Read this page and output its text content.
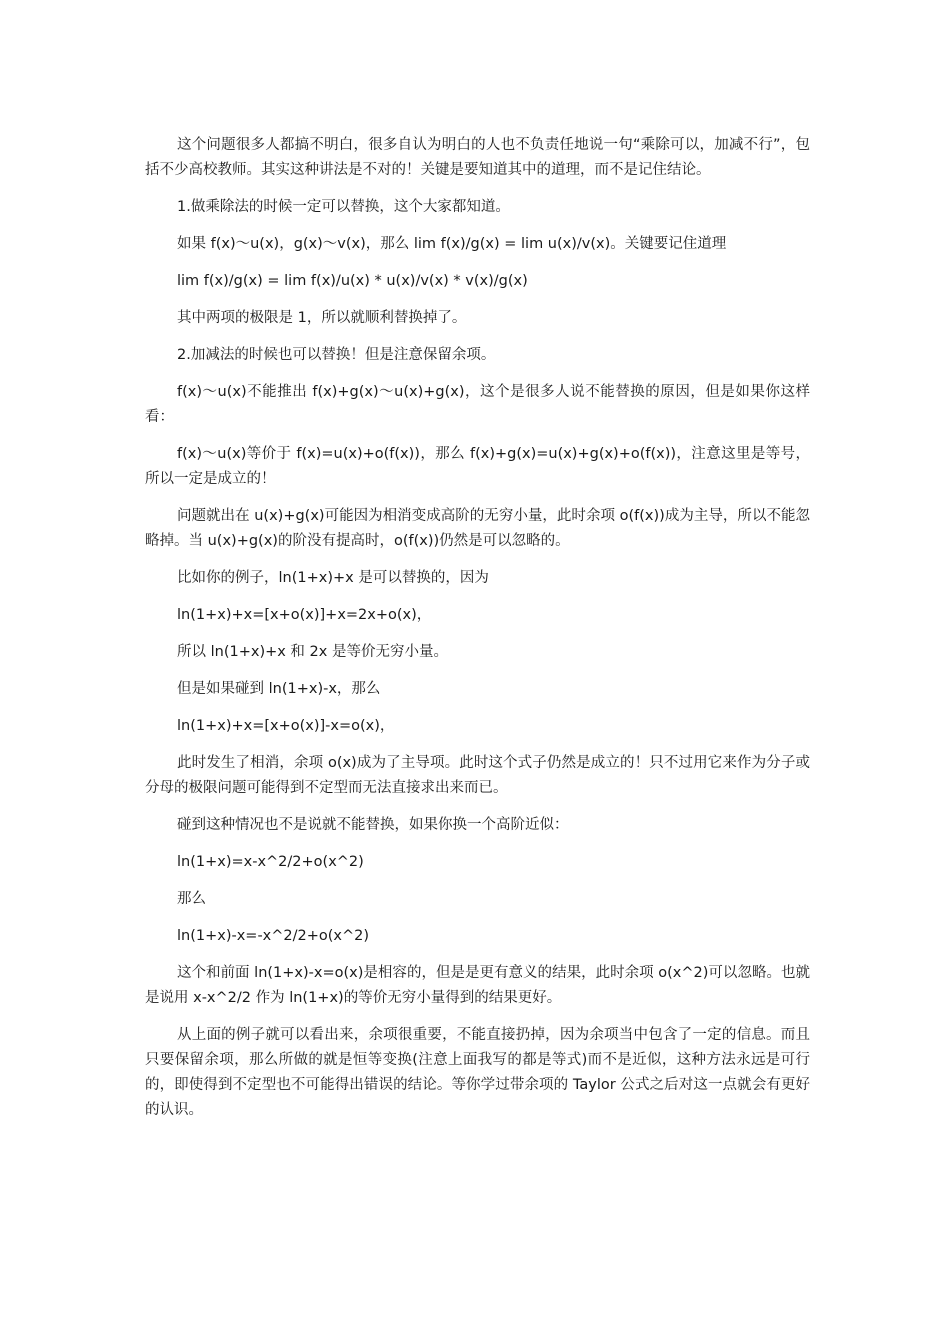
这个问题很多人都搞不明白，很多自认为明白的人也不负责任地说一句“乘除可以，加减不行”，包括不少高校教师。其实这种讲法是不对的！关键是要知道其中的道理，而不是记住结论。

1.做乘除法的时候一定可以替换，这个大家都知道。

如果 f(x)～u(x)，g(x)～v(x)，那么 lim f(x)/g(x) = lim u(x)/v(x)。关键要记住道理

lim f(x)/g(x) = lim f(x)/u(x) * u(x)/v(x) * v(x)/g(x)

其中两项的极限是 1，所以就顺利替换掉了。

2.加减法的时候也可以替换！但是注意保留余项。

f(x)～u(x)不能推出 f(x)+g(x)～u(x)+g(x)，这个是很多人说不能替换的原因，但是如果你这样看：

f(x)～u(x)等价于 f(x)=u(x)+o(f(x))，那么 f(x)+g(x)=u(x)+g(x)+o(f(x))，注意这里是等号，所以一定是成立的！

问题就出在 u(x)+g(x)可能因为相消变成高阶的无穷小量，此时余项 o(f(x))成为主导，所以不能忽略掉。当 u(x)+g(x)的阶没有提高时，o(f(x))仍然是可以忽略的。

比如你的例子，ln(1+x)+x 是可以替换的，因为

ln(1+x)+x=[x+o(x)]+x=2x+o(x)，

所以 ln(1+x)+x 和 2x 是等价无穷小量。

但是如果碰到 ln(1+x)-x，那么

ln(1+x)+x=[x+o(x)]-x=o(x)，

此时发生了相消，余项 o(x)成为了主导项。此时这个式子仍然是成立的！只不过用它来作为分子或分母的极限问题可能得到不定型而无法直接求出来而已。

碰到这种情况也不是说就不能替换，如果你换一个高阶近似：

ln(1+x)=x-x^2/2+o(x^2)

那么

ln(1+x)-x=-x^2/2+o(x^2)

这个和前面 ln(1+x)-x=o(x)是相容的，但是是更有意义的结果，此时余项 o(x^2)可以忽略。也就是说用 x-x^2/2 作为 ln(1+x)的等价无穷小量得到的结果更好。

从上面的例子就可以看出来，余项很重要，不能直接扔掉，因为余项当中包含了一定的信息。而且只要保留余项，那么所做的就是恒等变换(注意上面我写的都是等式)而不是近似，这种方法永远是可行的，即使得到不定型也不可能得出错误的结论。等你学过带余项的 Taylor 公式之后对这一点就会有更好的认识。
